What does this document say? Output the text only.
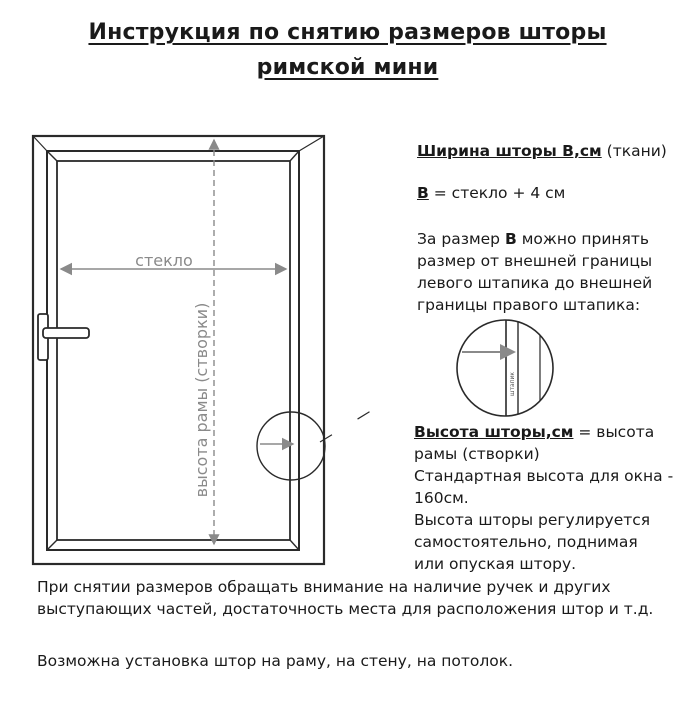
Инструкция по снятию размеров шторы
римской мини
стекло
высота рамы (створки)	штапик
Ширина шторы В,см (ткани)
В = стекло + 4 см
За размер В можно принять
размер от внешней границы
левого штапика до внешней
границы правого штапика:
Высота шторы,см = высота
рамы (створки)
Стандартная высота для окна -
160см.
Высота шторы регулируется
самостоятельно, поднимая
или опуская штору.
При снятии размеров обращать внимание на наличие ручек и других
выступающих частей, достаточность места для расположения штор и т.д.
Возможна установка штор на раму, на стену, на потолок.
